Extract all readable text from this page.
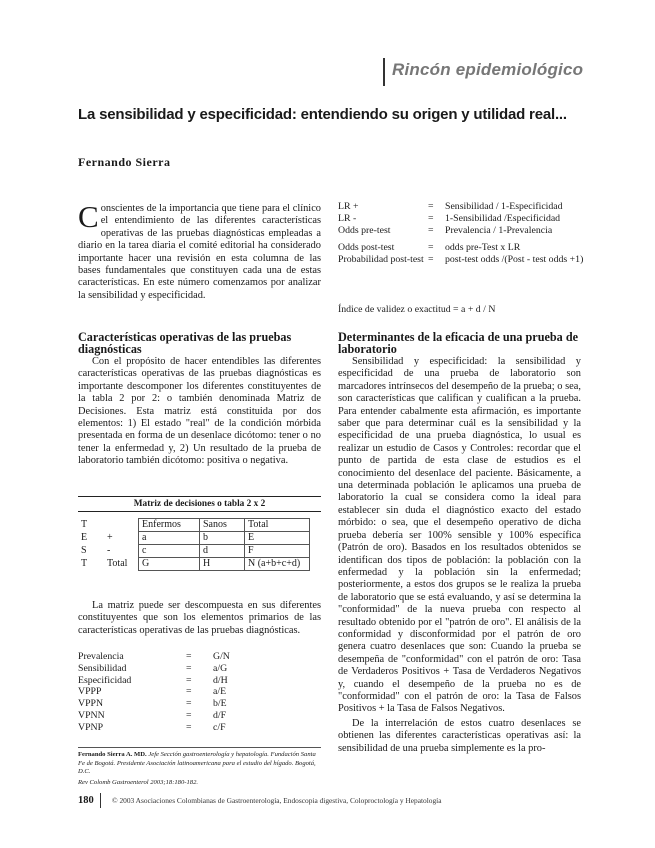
Rincón epidemiológico
La sensibilidad y especificidad: entendiendo su origen y utilidad real...
Fernando Sierra
Conscientes de la importancia que tiene para el clínico el entendimiento de las diferentes características operativas de las pruebas diagnósticas empleadas a diario en la tarea diaria el comité editorial ha considerado importante hacer una revisión en esta columna de las bases fundamentales que constituyen cada una de estas características. En este número comenzamos por analizar la sensibilidad y especificidad.
Características operativas de las pruebas diagnósticas

Con el propósito de hacer entendibles las diferentes características operativas de las pruebas diagnósticas es importante descomponer los diferentes constituyentes de la tabla 2 por 2: o también denominada Matriz de Decisiones. Esta matriz está constituida por dos elementos: 1) El estado "real" de la condición mórbida presentada en forma de un desenlace dicótomo: tener o no tener la enfermedad y, 2) Un resultado de la prueba de laboratorio también dicótomo: positiva o negativa.

Matriz de decisiones o tabla 2 x 2
T		Enfermos	Sanos	Total
E	+	a	b	E
S	-	c	d	F
T	Total	G	H	N (a+b+c+d)

La matriz puede ser descompuesta en sus diferentes constituyentes que son los elementos primarios de las características operativas de las pruebas diagnósticas.

Prevalencia	=	G/N
Sensibilidad	=	a/G
Especificidad	=	d/H
VPPP	=	a/E
VPPN	=	b/E
VPNN	=	d/F
VPNP	=	c/F
Fernando Sierra A. MD. Jefe Sección gastroenterología y hepatología. Fundación Santa Fe de Bogotá. Presidente Asociación latinoamericana para el estudio del hígado. Bogotá, D.C.
Rev Colomb Gastroenterol 2003;18:180-182.
180 © 2003 Asociaciones Colombianas de Gastroenterología, Endoscopia digestiva, Coloproctología y Hepatología
LR +	=	Sensibilidad / 1-Especificidad
LR -	=	1-Sensibilidad /Especificidad
Odds pre-test	=	Prevalencia / 1-Prevalencia
Odds post-test	=	odds pre-Test x LR
Probabilidad post-test =	post-test odds /(Post - test odds +1)
Índice de validez o exactitud = a + d / N
Determinantes de la eficacia de una prueba de laboratorio

Sensibilidad y especificidad: la sensibilidad y especificidad de una prueba de laboratorio son marcadores intrínsecos del desempeño de la prueba; o sea, son características que califican y cualifican a la prueba. Para entender cabalmente esta afirmación, es importante saber que para determinar cuál es la sensibilidad y la especificidad de una prueba diagnóstica, lo usual es realizar un estudio de Casos y Controles: recordar que el punto de partida de esta clase de estudios es el conocimiento del desenlace del paciente. Básicamente, a una determinada población le aplicamos una prueba de laboratorio la cual se considera como la ideal para establecer sin duda el diagnóstico exacto del estado mórbido: o sea, que el desempeño operativo de dicha prueba debería ser 100% sensible y 100% específica (Patrón de oro). Basados en los resultados obtenidos se identifican dos tipos de población: la población con la enfermedad y la población sin la enfermedad; posteriormente, a estos dos grupos se le realiza la prueba de laboratorio que se está evaluando, y así se determina la "conformidad" de la nueva prueba con respecto al resultado obtenido por el "patrón de oro". El análisis de la conformidad y disconformidad por el patrón de oro genera cuatro desenlaces que son: Cuando la prueba se desempeña de "conformidad" con el patrón de oro: Tasa de Verdaderos Positivos + Tasa de Verdaderos Negativos y, cuando el desempeño de la prueba no es de "conformidad" con el patrón de oro: la Tasa de Falsos Positivos + la Tasa de Falsos Negativos.

De la interrelación de estos cuatro desenlaces se obtienen las diferentes características operativas así: la sensibilidad de una prueba simplemente es la pro-
